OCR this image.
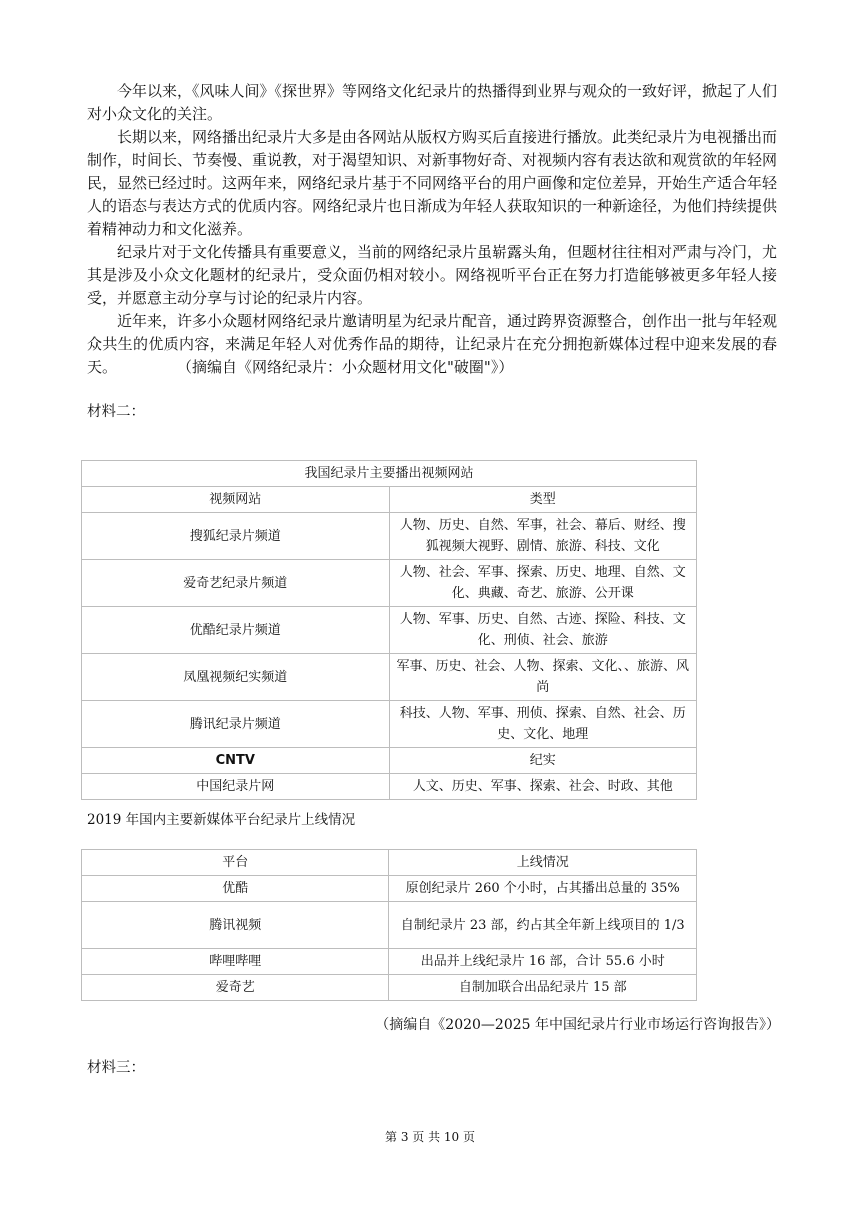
今年以来，《风味人间》《探世界》等网络文化纪录片的热播得到业界与观众的一致好评，掀起了人们对小众文化的关注。

长期以来，网络播出纪录片大多是由各网站从版权方购买后直接进行播放。此类纪录片为电视播出而制作，时间长、节奏慢、重说教，对于渴望知识、对新事物好奇、对视频内容有表达欲和观赏欲的年轻网民，显然已经过时。这两年来，网络纪录片基于不同网络平台的用户画像和定位差异，开始生产适合年轻人的语态与表达方式的优质内容。网络纪录片也日渐成为年轻人获取知识的一种新途径，为他们持续提供着精神动力和文化滋养。

纪录片对于文化传播具有重要意义，当前的网络纪录片虽崭露头角，但题材往往相对严肃与冷门，尤其是涉及小众文化题材的纪录片，受众面仍相对较小。网络视听平台正在努力打造能够被更多年轻人接受，并愿意主动分享与讨论的纪录片内容。

近年来，许多小众题材网络纪录片邀请明星为纪录片配音，通过跨界资源整合，创作出一批与年轻观众共生的优质内容，来满足年轻人对优秀作品的期待，让纪录片在充分拥抱新媒体过程中迎来发展的春天。	（摘编自《网络纪录片：小众题材用文化"破圈"》）

材料二：

我国纪录片主要播出视频网站	
视频网站	类型
搜狐纪录片频道	人物、历史、自然、军事，社会、幕后、财经、搜狐视频大视野、剧情、旅游、科技、文化
爱奇艺纪录片频道	人物、社会、军事、探索、历史、地理、自然、文化、典藏、奇艺、旅游、公开课
优酷纪录片频道	人物、军事、历史、自然、古迹、探险、科技、文化、刑侦、社会、旅游
凤凰视频纪实频道	军事、历史、社会、人物、探索、文化、、旅游、风尚
腾讯纪录片频道	科技、人物、军事、刑侦、探索、自然、社会、历史、文化、地理
CNTV	纪实
中国纪录片网	人文、历史、军事、探索、社会、时政、其他

2019 年国内主要新媒体平台纪录片上线情况

平台	上线情况
优酷	原创纪录片 260 个小时，占其播出总量的 35%
腾讯视频	自制纪录片 23 部，约占其全年新上线项目的 1/3
哔哩哔哩	出品并上线纪录片 16 部，合计 55.6 小时
爱奇艺	自制加联合出品纪录片 15 部

（摘编自《2020—2025 年中国纪录片行业市场运行咨询报告》）

材料三：

第 3 页 共 10 页
